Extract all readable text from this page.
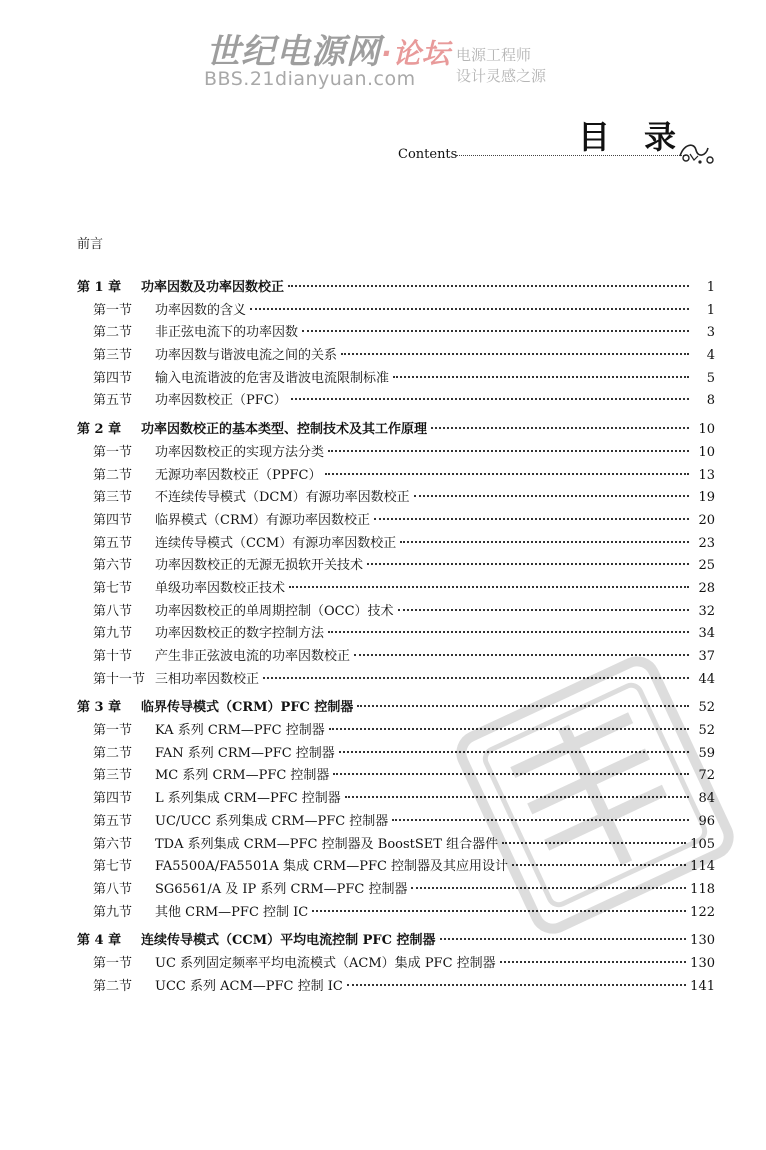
世纪电源网·论坛
BBS.21dianyuan.com
电源工程师
设计灵感之源
目录
Contents
前言
第 1 章	功率因数及功率因数校正	1
第一节	功率因数的含义	1
第二节	非正弦电流下的功率因数	3
第三节	功率因数与谐波电流之间的关系	4
第四节	输入电流谐波的危害及谐波电流限制标准	5
第五节	功率因数校正（PFC）	8
第 2 章	功率因数校正的基本类型、控制技术及其工作原理	10
第一节	功率因数校正的实现方法分类	10
第二节	无源功率因数校正（PPFC）	13
第三节	不连续传导模式（DCM）有源功率因数校正	19
第四节	临界模式（CRM）有源功率因数校正	20
第五节	连续传导模式（CCM）有源功率因数校正	23
第六节	功率因数校正的无源无损软开关技术	25
第七节	单级功率因数校正技术	28
第八节	功率因数校正的单周期控制（OCC）技术	32
第九节	功率因数校正的数字控制方法	34
第十节	产生非正弦波电流的功率因数校正	37
第十一节 三相功率因数校正	44
第 3 章	临界传导模式（CRM）PFC 控制器	52
第一节	KA 系列 CRM—PFC 控制器	52
第二节	FAN 系列 CRM—PFC 控制器	59
第三节	MC 系列 CRM—PFC 控制器	72
第四节	L 系列集成 CRM—PFC 控制器	84
第五节	UC/UCC 系列集成 CRM—PFC 控制器	96
第六节	TDA 系列集成 CRM—PFC 控制器及 BoostSET 组合器件	105
第七节	FA5500A/FA5501A 集成 CRM—PFC 控制器及其应用设计	114
第八节	SG6561/A 及 IP 系列 CRM—PFC 控制器	118
第九节	其他 CRM—PFC 控制 IC	122
第 4 章	连续传导模式（CCM）平均电流控制 PFC 控制器	130
第一节	UC 系列固定频率平均电流模式（ACM）集成 PFC 控制器	130
第二节	UCC 系列 ACM—PFC 控制 IC	141
